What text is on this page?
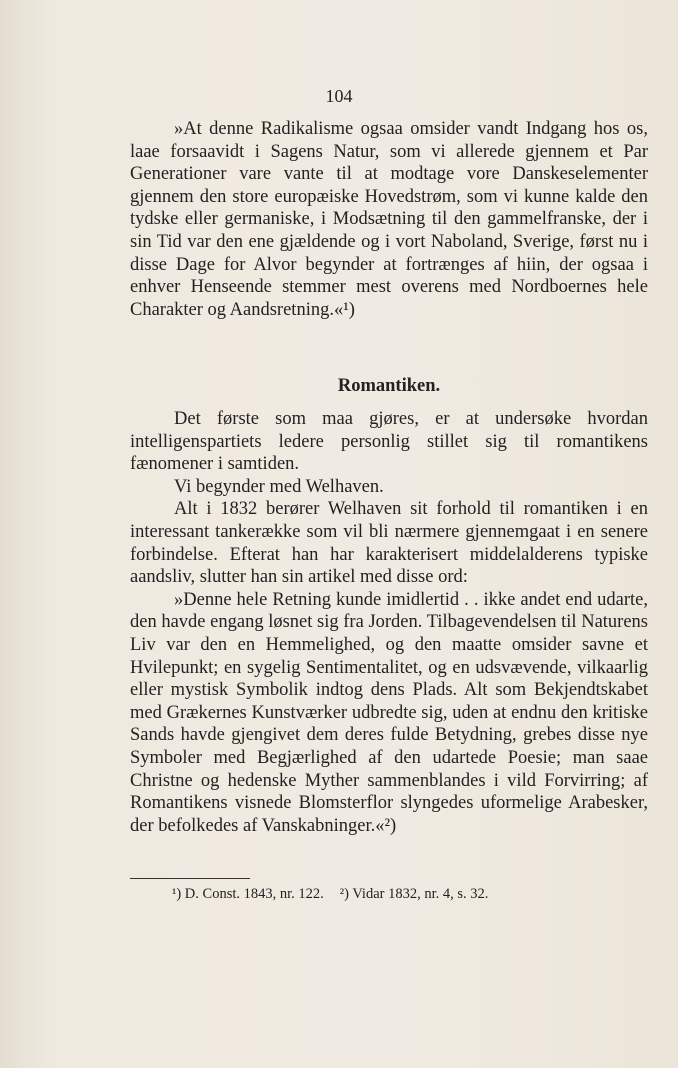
104

»At denne Radikalisme ogsaa omsider vandt Indgang hos os, laae forsaavidt i Sagens Natur, som vi allerede gjennem et Par Generationer vare vante til at modtage vore Danskeselementer gjennem den store europæiske Hovedstrøm, som vi kunne kalde den tydske eller germaniske, i Modsætning til den gammelfranske, der i sin Tid var den ene gjældende og i vort Naboland, Sverige, først nu i disse Dage for Alvor begynder at fortrænges af hiin, der ogsaa i enhver Henseende stemmer mest overens med Nordboernes hele Charakter og Aandsretning.«¹)

Romantiken.

Det første som maa gjøres, er at undersøke hvordan intelligenspartiets ledere personlig stillet sig til romantikens fænomener i samtiden.

Vi begynder med Welhaven.

Alt i 1832 berører Welhaven sit forhold til romantiken i en interessant tankerække som vil bli nærmere gjennemgaat i en senere forbindelse. Efterat han har karakterisert middelalderens typiske aandsliv, slutter han sin artikel med disse ord:

»Denne hele Retning kunde imidlertid . . ikke andet end udarte, den havde engang løsnet sig fra Jorden. Tilbagevendelsen til Naturens Liv var den en Hemmelighed, og den maatte omsider savne et Hvilepunkt; en sygelig Sentimentalitet, og en udsvævende, vilkaarlig eller mystisk Symbolik indtog dens Plads. Alt som Bekjendtskabet med Grækernes Kunstværker udbredte sig, uden at endnu den kritiske Sands havde gjengivet dem deres fulde Betydning, grebes disse nye Symboler med Begjærlighed af den udartede Poesie; man saae Christne og hedenske Myther sammenblandes i vild Forvirring; af Romantikens visnede Blomsterflor slyngedes uformelige Arabesker, der befolkedes af Vanskabninger.«²)

¹) D. Const. 1843, nr. 122. ²) Vidar 1832, nr. 4, s. 32.
